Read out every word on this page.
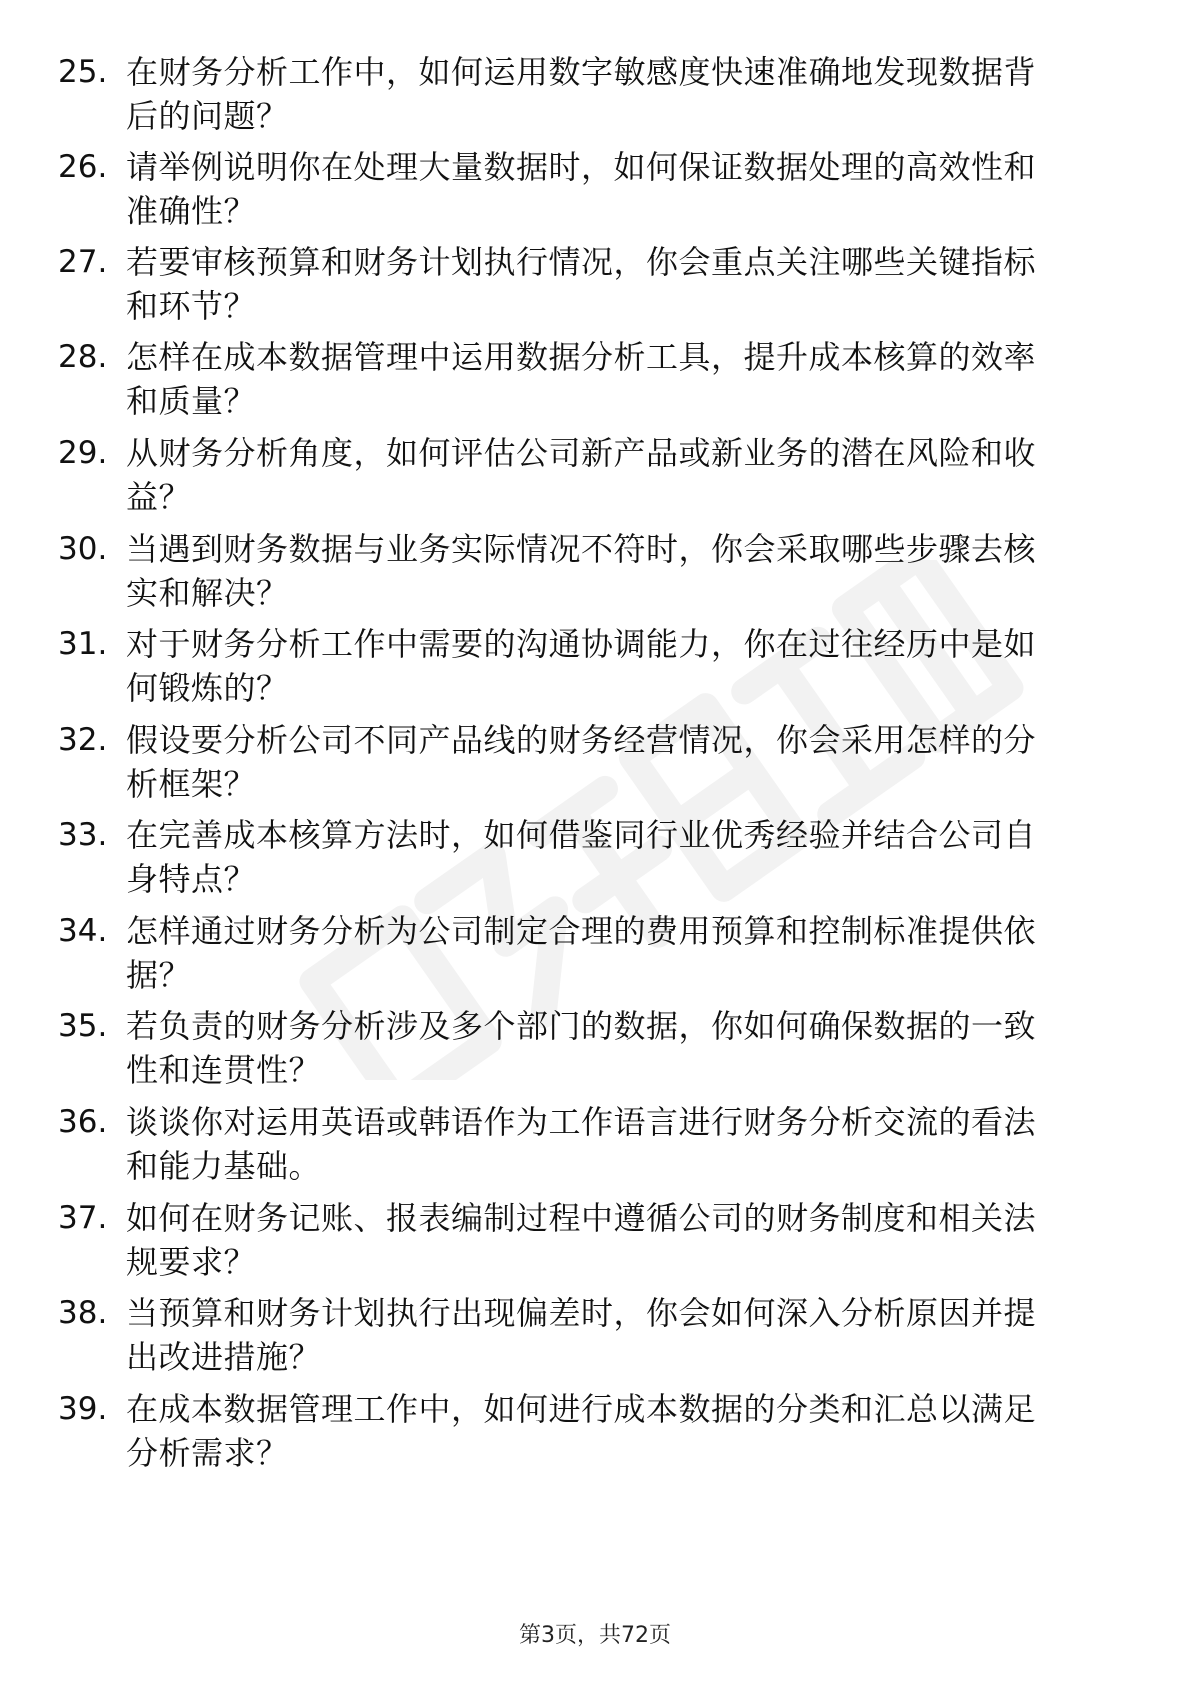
25. 在财务分析工作中，如何运用数字敏感度快速准确地发现数据背
后的问题？
26. 请举例说明你在处理大量数据时，如何保证数据处理的高效性和
准确性？
27. 若要审核预算和财务计划执行情况，你会重点关注哪些关键指标
和环节？
28. 怎样在成本数据管理中运用数据分析工具，提升成本核算的效率
和质量？
29. 从财务分析角度，如何评估公司新产品或新业务的潜在风险和收
益？
30. 当遇到财务数据与业务实际情况不符时，你会采取哪些步骤去核
实和解决？
31. 对于财务分析工作中需要的沟通协调能力，你在过往经历中是如
何锻炼的？
32. 假设要分析公司不同产品线的财务经营情况，你会采用怎样的分
析框架？
33. 在完善成本核算方法时，如何借鉴同行业优秀经验并结合公司自
身特点？
34. 怎样通过财务分析为公司制定合理的费用预算和控制标准提供依
据？
35. 若负责的财务分析涉及多个部门的数据，你如何确保数据的一致
性和连贯性？
36. 谈谈你对运用英语或韩语作为工作语言进行财务分析交流的看法
和能力基础。
37. 如何在财务记账、报表编制过程中遵循公司的财务制度和相关法
规要求？
38. 当预算和财务计划执行出现偏差时，你会如何深入分析原因并提
出改进措施？
39. 在成本数据管理工作中，如何进行成本数据的分类和汇总以满足
分析需求？
第3页，共72页
